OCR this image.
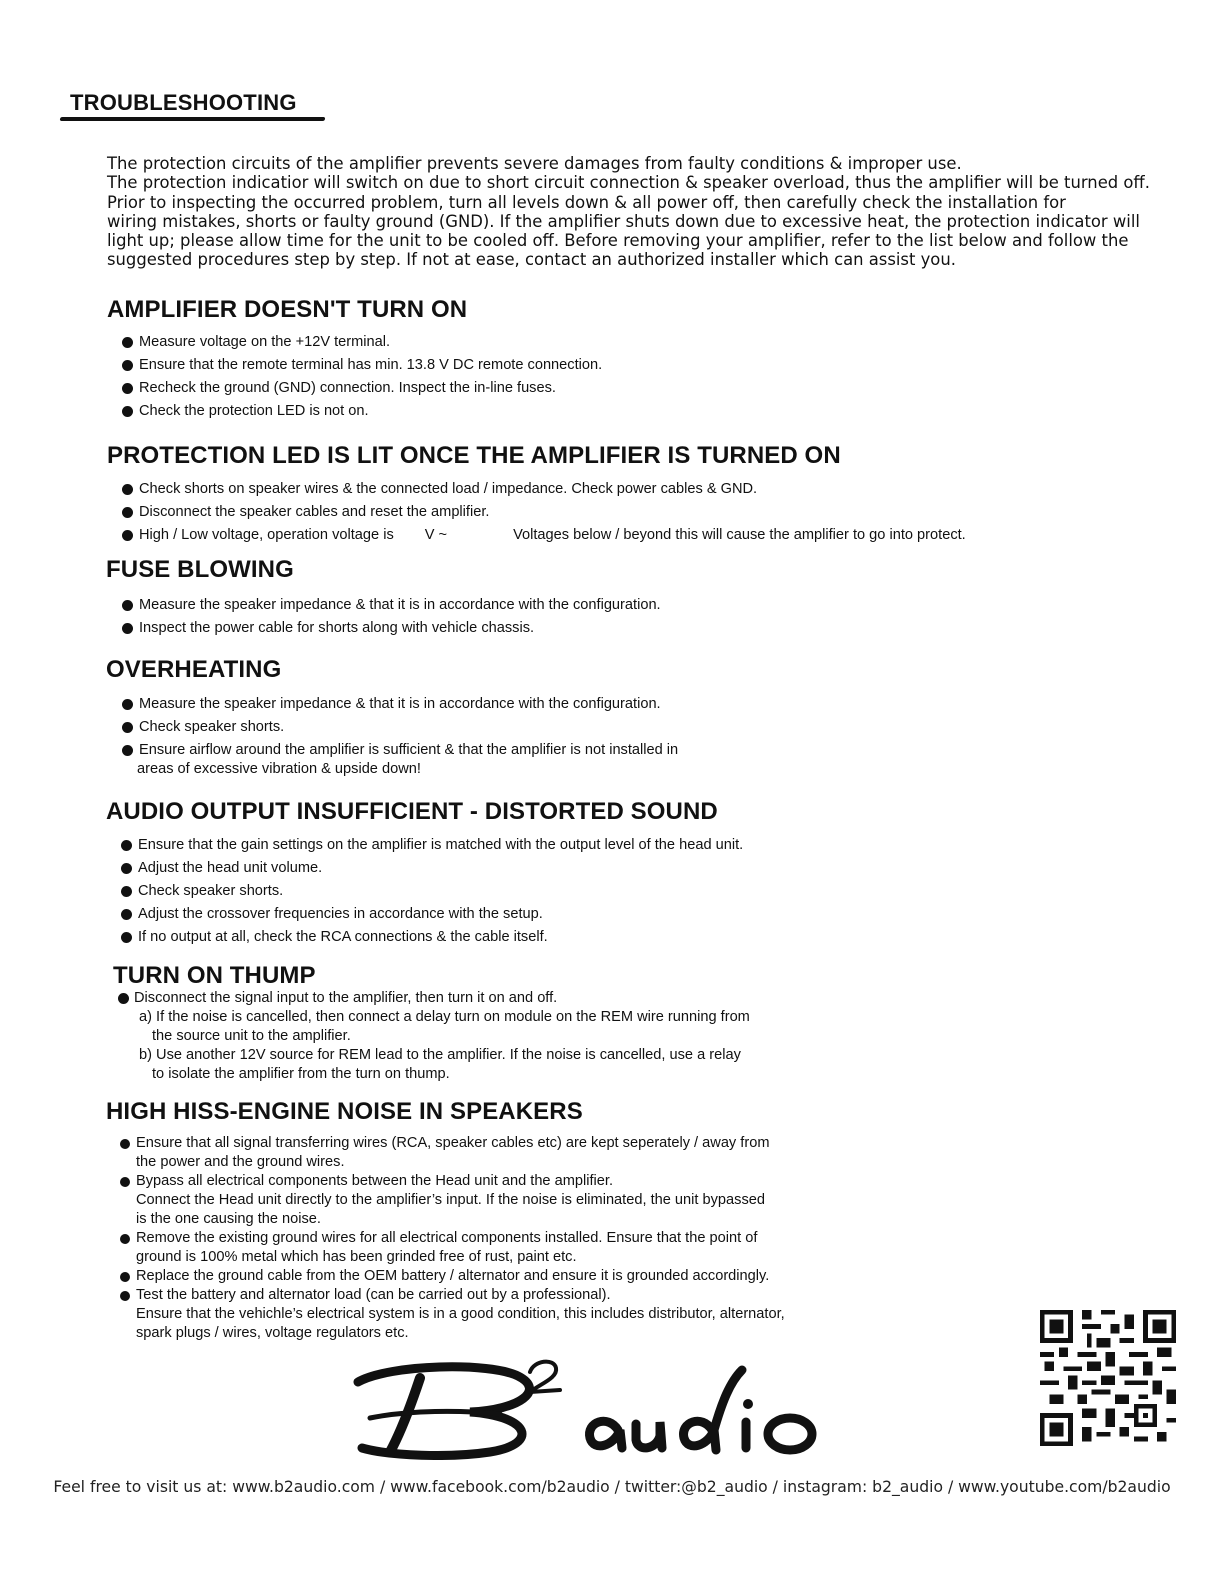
TROUBLESHOOTING

The protection circuits of the amplifier prevents severe damages from faulty conditions & improper use.

The protection indicatior will switch on due to short circuit connection & speaker overload, thus the amplifier will be turned off.

Prior to inspecting the occurred problem, turn all levels down & all power off, then carefully check the installation for

wiring mistakes, shorts or faulty ground (GND). If the amplifier shuts down due to excessive heat, the protection indicator will

light up; please allow time for the unit to be cooled off. Before removing your amplifier, refer to the list below and follow the

suggested procedures step by step. If not at ease, contact an authorized installer which can assist you.

AMPLIFIER DOESN'T TURN ON
Measure voltage on the +12V terminal.
Ensure that the remote terminal has min. 13.8 V DC remote connection.
Recheck the ground (GND) connection. Inspect the in-line fuses.
Check the protection LED is not on.
PROTECTION LED IS LIT ONCE THE AMPLIFIER IS TURNED ON
Check shorts on speaker wires & the connected load / impedance. Check power cables & GND.
Disconnect the speaker cables and reset the amplifier.
High / Low voltage, operation voltage is V ~	Voltages below / beyond this will cause the amplifier to go into protect.
FUSE BLOWING
Measure the speaker impedance & that it is in accordance with the configuration.
Inspect the power cable for shorts along with vehicle chassis.
OVERHEATING
Measure the speaker impedance & that it is in accordance with the configuration.
Check speaker shorts.
Ensure airflow around the amplifier is sufficient & that the amplifier is not installed in
areas of excessive vibration & upside down!
AUDIO OUTPUT INSUFFICIENT - DISTORTED SOUND
Ensure that the gain settings on the amplifier is matched with the output level of the head unit.
Adjust the head unit volume.
Check speaker shorts.
Adjust the crossover frequencies in accordance with the setup.
If no output at all, check the RCA connections & the cable itself.
TURN ON THUMP
Disconnect the signal input to the amplifier, then turn it on and off.
a) If the noise is cancelled, then connect a delay turn on module on the REM wire running from
the source unit to the amplifier.
b) Use another 12V source for REM lead to the amplifier. If the noise is cancelled, use a relay
to isolate the amplifier from the turn on thump.
HIGH HISS-ENGINE NOISE IN SPEAKERS
Ensure that all signal transferring wires (RCA, speaker cables etc) are kept seperately / away from
the power and the ground wires.
Bypass all electrical components between the Head unit and the amplifier.
Connect the Head unit directly to the amplifier’s input. If the noise is eliminated, the unit bypassed
is the one causing the noise.
Remove the existing ground wires for all electrical components installed. Ensure that the point of
ground is 100% metal which has been grinded free of rust, paint etc.
Replace the ground cable from the OEM battery / alternator and ensure it is grounded accordingly.
Test the battery and alternator load (can be carried out by a professional).
Ensure that the vehichle’s electrical system is in a good condition, this includes distributor, alternator,
spark plugs / wires, voltage regulators etc.
Feel free to visit us at: www.b2audio.com / www.facebook.com/b2audio / twitter:@b2_audio / instagram: b2_audio / www.youtube.com/b2audio
